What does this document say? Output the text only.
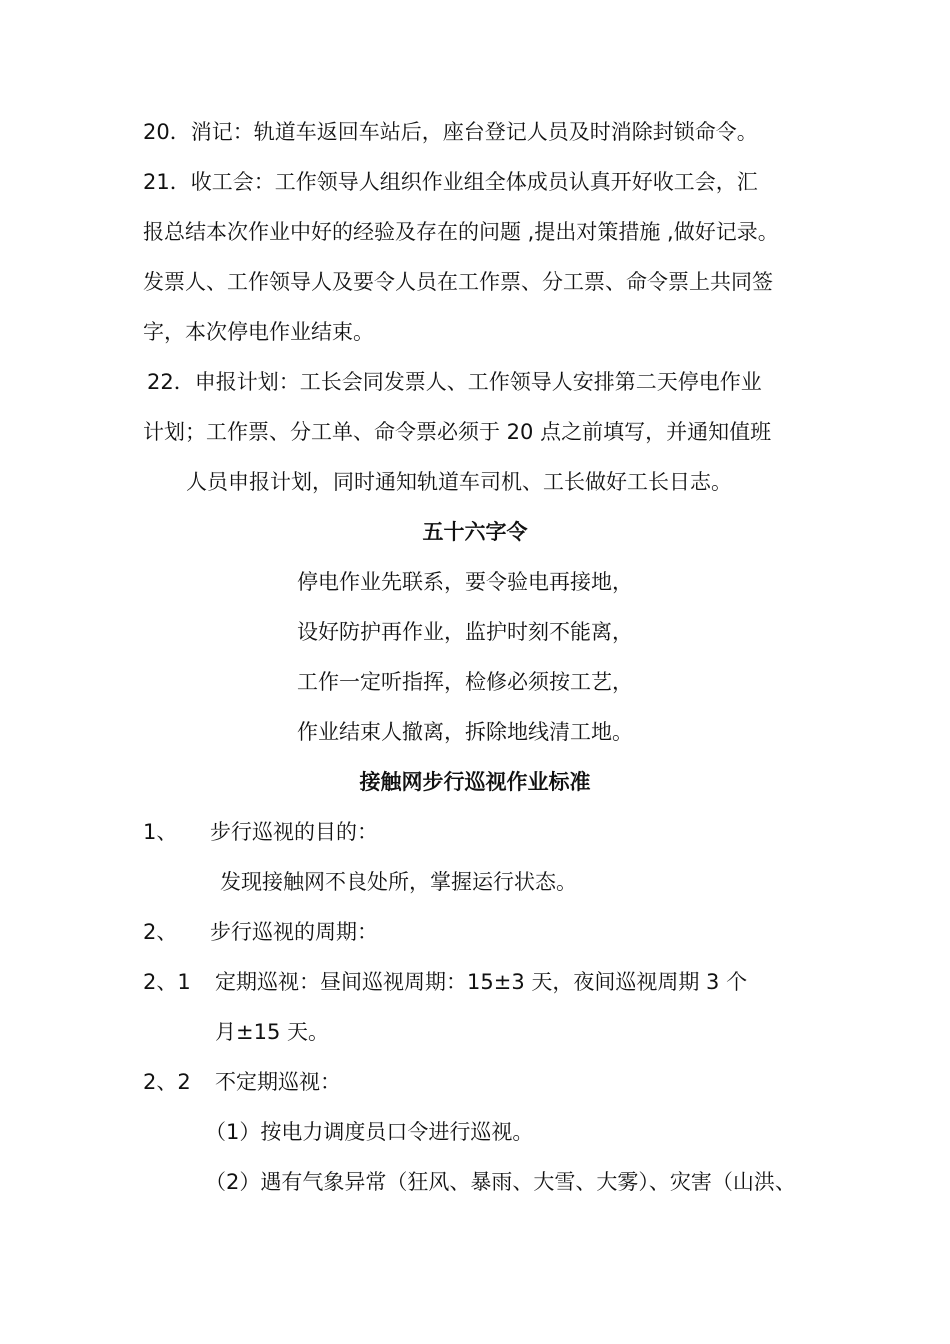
20．消记：轨道车返回车站后，座台登记人员及时消除封锁命令。
21．收工会：工作领导人组织作业组全体成员认真开好收工会，汇
报总结本次作业中好的经验及存在的问题 ,提出对策措施 ,做好记录。
发票人、工作领导人及要令人员在工作票、分工票、命令票上共同签
字，本次停电作业结束。
22．申报计划：工长会同发票人、工作领导人安排第二天停电作业
计划；工作票、分工单、命令票必须于 20 点之前填写，并通知值班
人员申报计划，同时通知轨道车司机、工长做好工长日志。
五十六字令
停电作业先联系，要令验电再接地，
设好防护再作业，监护时刻不能离，
工作一定听指挥，检修必须按工艺，
作业结束人撤离，拆除地线清工地。
接触网步行巡视作业标准
1、 步行巡视的目的：
发现接触网不良处所，掌握运行状态。
2、 步行巡视的周期：
2、1 定期巡视：昼间巡视周期：15±3 天，夜间巡视周期 3 个
月±15 天。
2、2 不定期巡视：
（1）按电力调度员口令进行巡视。
（2）遇有气象异常（狂风、暴雨、大雪、大雾）、灾害（山洪、
